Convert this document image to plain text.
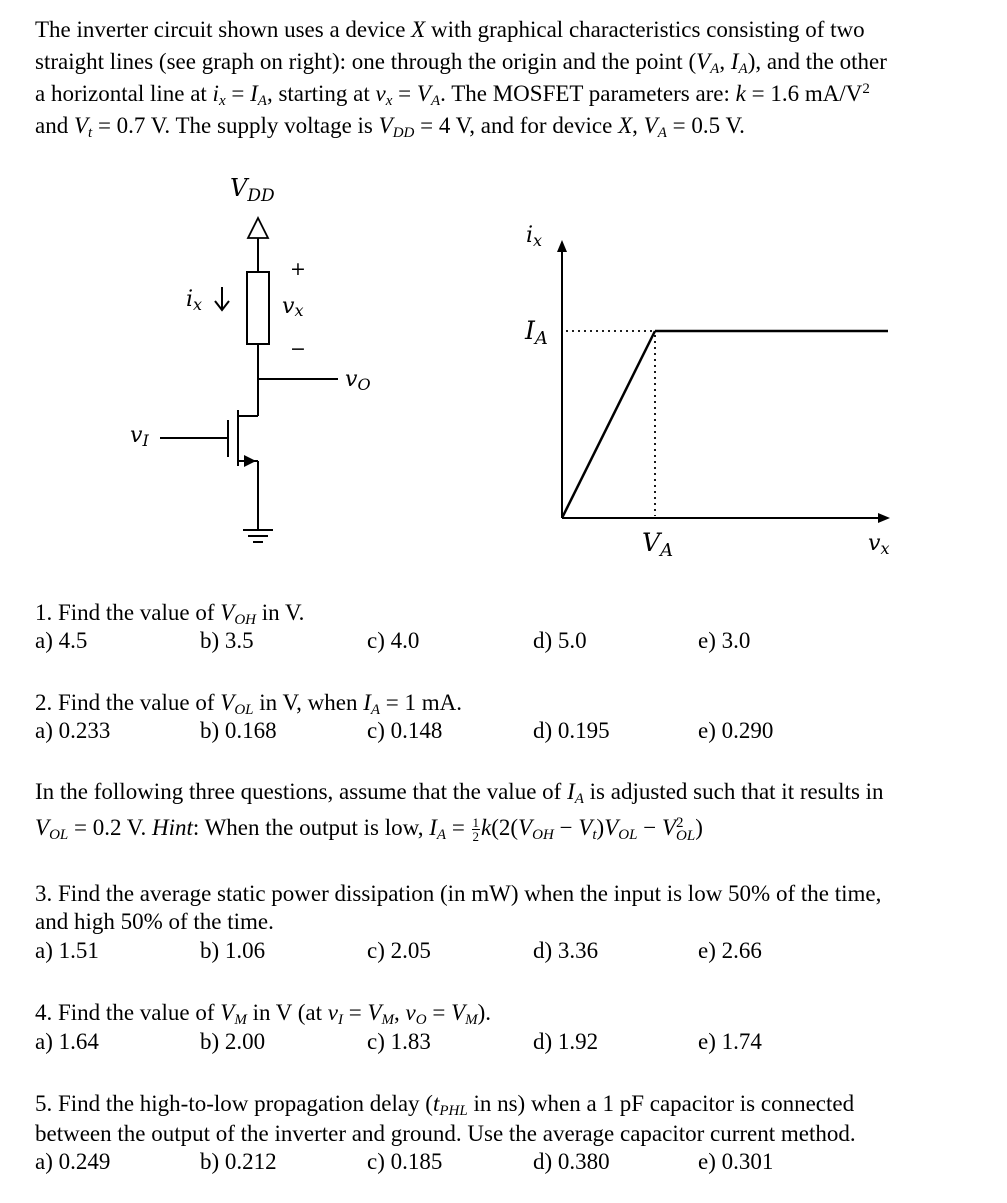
The inverter circuit shown uses a device X with graphical characteristics consisting of two
straight lines (see graph on right): one through the origin and the point ($V_A$, $I_A$), and the other
a horizontal line at $i_x = I_A$, starting at $v_x = V_A$. The MOSFET parameters are: k = 1.6 $mA/V^2$
and $V_t = 0.7$ V. The supply voltage is $V_{DD} = 4$ V, and for device X, $V_A = 0.5$ V.
$V_{DD}$
+
ix	vx
−
vO
vI
ix
$I_A$
$V_A$	vx
1. Find the value of $V_{OH}$ in V.
a) 4.5	b) 3.5	c) 4.0	d) 5.0	e) 3.0
2. Find the value of $V_{OL}$ in V, when $I_A = 1$ mA.
a) 0.233	b) 0.168	c) 0.148	d) 0.195	e) 0.290
In the following three questions, assume that the value of $I_A$ is adjusted such that it results in
$V_{OL} = 0.2$ V. Hint: When the output is low, $I_A = \frac{1}{2} k(2(V_{OH} - V_t)V_{OL} - V$ 2
OL )
3. Find the average static power dissipation (in mW) when the input is low 50% of the time,
and high 50% of the time.
a) 1.51	b) 1.06	c) 2.05	d) 3.36	e) 2.66
4. Find the value of $V_M$ in V (at $v_I = V_M$, $v_O = V_M$).
a) 1.64	b) 2.00	c) 1.83	d) 1.92	e) 1.74
5. Find the high-to-low propagation delay ($t_{PHL}$ in ns) when a 1 pF capacitor is connected
between the output of the inverter and ground. Use the average capacitor current method.
a) 0.249	b) 0.212	c) 0.185	d) 0.380	e) 0.301
